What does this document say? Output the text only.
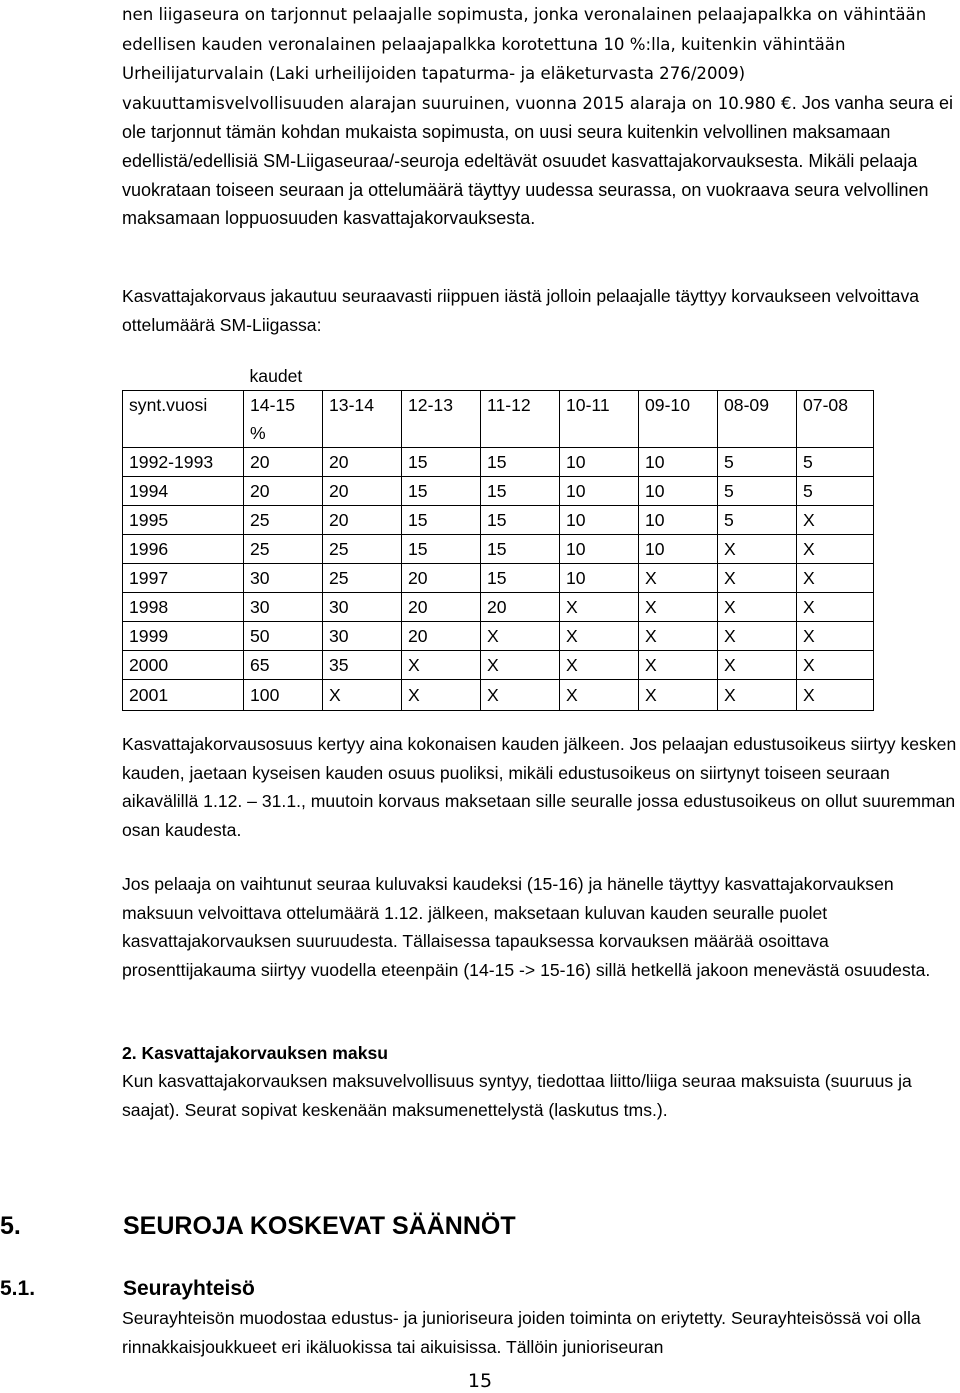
nen liigaseura on tarjonnut pelaajalle sopimusta, jonka veronalainen pelaajapalkka on vähintään edellisen kauden veronalainen pelaajapalkka korotettuna 10 %:lla, kuitenkin vähintään Urheilijaturvalain (Laki urheilijoiden tapaturma- ja eläketurvasta 276/2009) vakuuttamisvelvollisuuden alarajan suuruinen, vuonna 2015 alaraja on 10.980 €. Jos vanha seura ei ole tarjonnut tämän kohdan mukaista sopimusta, on uusi seura kuitenkin velvollinen maksamaan edellistä/edellisiä SM-Liigaseuraa/-seuroja edeltävät osuudet kasvattajakorvauksesta. Mikäli pelaaja vuokrataan toiseen seuraan ja ottelumäärä täyttyy uudessa seurassa, on vuokraava seura velvollinen maksamaan loppuosuuden kasvattajakorvauksesta.

Kasvattajakorvaus jakautuu seuraavasti riippuen iästä jolloin pelaajalle täyttyy korvaukseen velvoittava ottelumäärä SM-Liigassa:

	kaudet							
synt.vuosi	14-15	13-14	12-13	11-12	10-11	09-10	08-09	07-08
	%							
1992-1993	20	20	15	15	10	10	5	5
1994	20	20	15	15	10	10	5	5
1995	25	20	15	15	10	10	5	X
1996	25	25	15	15	10	10	X	X
1997	30	25	20	15	10	X	X	X
1998	30	30	20	20	X	X	X	X
1999	50	30	20	X	X	X	X	X
2000	65	35	X	X	X	X	X	X
2001	100	X	X	X	X	X	X	X

Kasvattajakorvausosuus kertyy aina kokonaisen kauden jälkeen. Jos pelaajan edustusoikeus siirtyy kesken kauden, jaetaan kyseisen kauden osuus puoliksi, mikäli edustusoikeus on siirtynyt toiseen seuraan aikavälillä 1.12. – 31.1., muutoin korvaus maksetaan sille seuralle jossa edustusoikeus on ollut suuremman osan kaudesta.

Jos pelaaja on vaihtunut seuraa kuluvaksi kaudeksi (15-16) ja hänelle täyttyy kasvattajakorvauksen maksuun velvoittava ottelumäärä 1.12. jälkeen, maksetaan kuluvan kauden seuralle puolet kasvattajakorvauksen suuruudesta. Tällaisessa tapauksessa korvauksen määrää osoittava prosenttijakauma siirtyy vuodella eteenpäin (14-15 -> 15-16) sillä hetkellä jakoon menevästä osuudesta.

2. Kasvattajakorvauksen maksu

Kun kasvattajakorvauksen maksuvelvollisuus syntyy, tiedottaa liitto/liiga seuraa maksuista (suuruus ja saajat). Seurat sopivat keskenään maksumenettelystä (laskutus tms.).

5.	SEUROJA KOSKEVAT SÄÄNNÖT
5.1.	Seurayhteisö

Seurayhteisön muodostaa edustus- ja junioriseura joiden toiminta on eriytetty. Seurayhteisössä voi olla rinnakkaisjoukkueet eri ikäluokissa tai aikuisissa. Tällöin junioriseuran

15
